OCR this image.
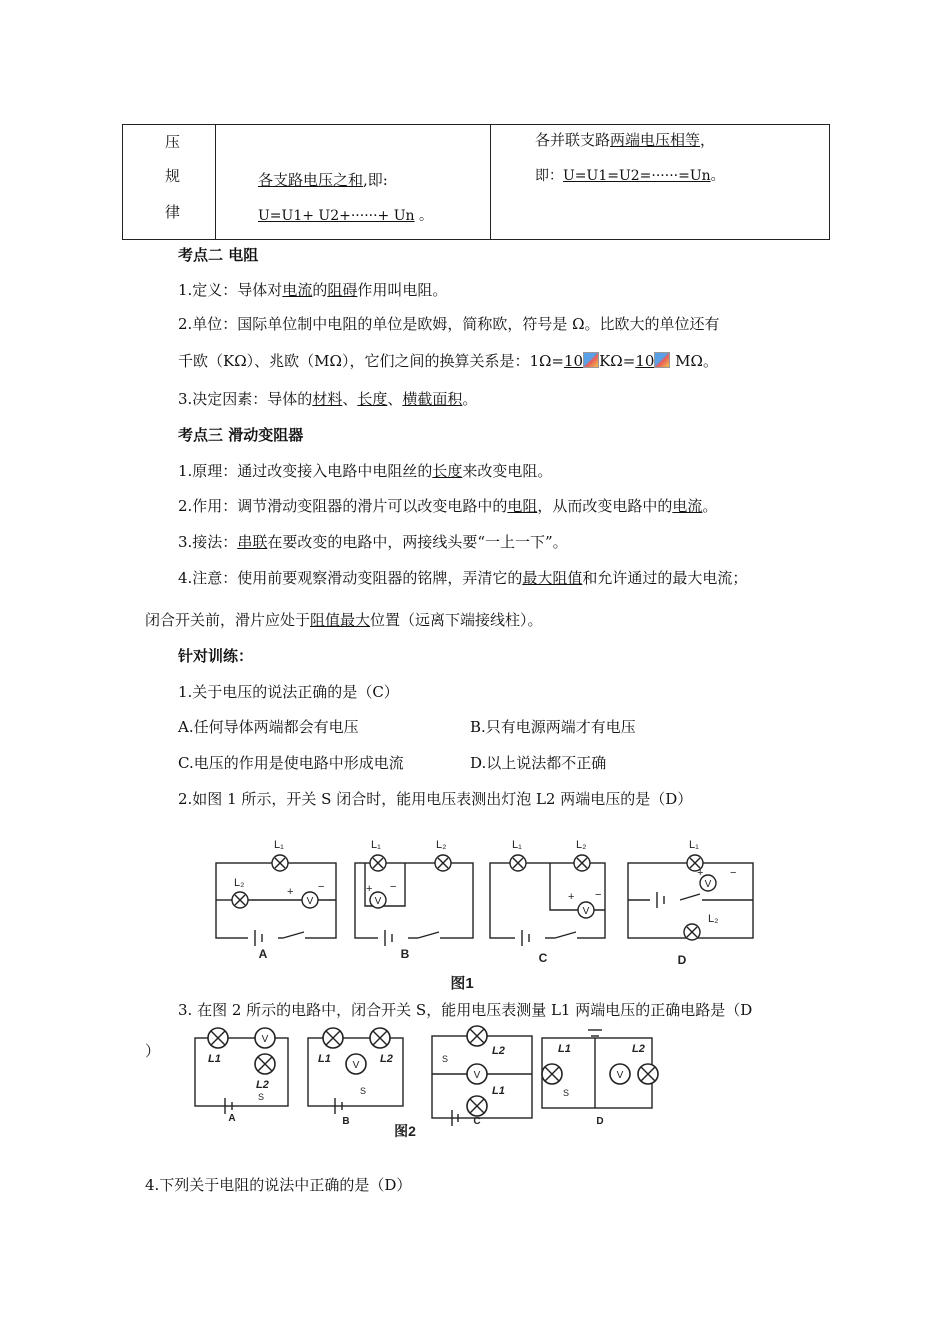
压
规
律

各支路电压之和,即:
U=U1+ U2+······+ Un 。

各并联支路两端电压相等，
即：U=U1=U2=······=Un。
考点二 电阻
1.定义：导体对电流的阻碍作用叫电阻。
2.单位：国际单位制中电阻的单位是欧姆，简称欧，符号是 Ω。比欧大的单位还有
千欧（KΩ）、兆欧（MΩ），它们之间的换算关系是：1Ω=10 KΩ=10 MΩ。
3.决定因素：导体的材料、长度、横截面积。
考点三 滑动变阻器
1.原理：通过改变接入电路中电阻丝的长度来改变电阻。
2.作用：调节滑动变阻器的滑片可以改变电路中的电阻，从而改变电路中的电流。
3.接法：串联在要改变的电路中，两接线头要“一上一下”。
4.注意：使用前要观察滑动变阻器的铭牌，弄清它的最大阻值和允许通过的最大电流；
闭合开关前，滑片应处于阻值最大位置（远离下端接线柱）。
针对训练：
1.关于电压的说法正确的是（C）
A.任何导体两端都会有电压	B.只有电源两端才有电压
C.电压的作用是使电路中形成电流	D.以上说法都不正确
2.如图 1 所示，开关 S 闭合时，能用电压表测出灯泡 L2 两端电压的是（D）
V	V
V
V
L₁
L₂
L₁	L₂	L₁	L₂	L₁
L₂
+ −	+ −
+ −
+ −
A	B	C	D
图1
3. 在图 2 所示的电路中，闭合开关 S，能用电压表测量 L1 两端电压的正确电路是（D
）
V
V
V	V
L1
L2
L1	L2
L2
L1
L1	L2
S
S
S
S
A	B	C	D
图2
4.下列关于电阻的说法中正确的是（D）
